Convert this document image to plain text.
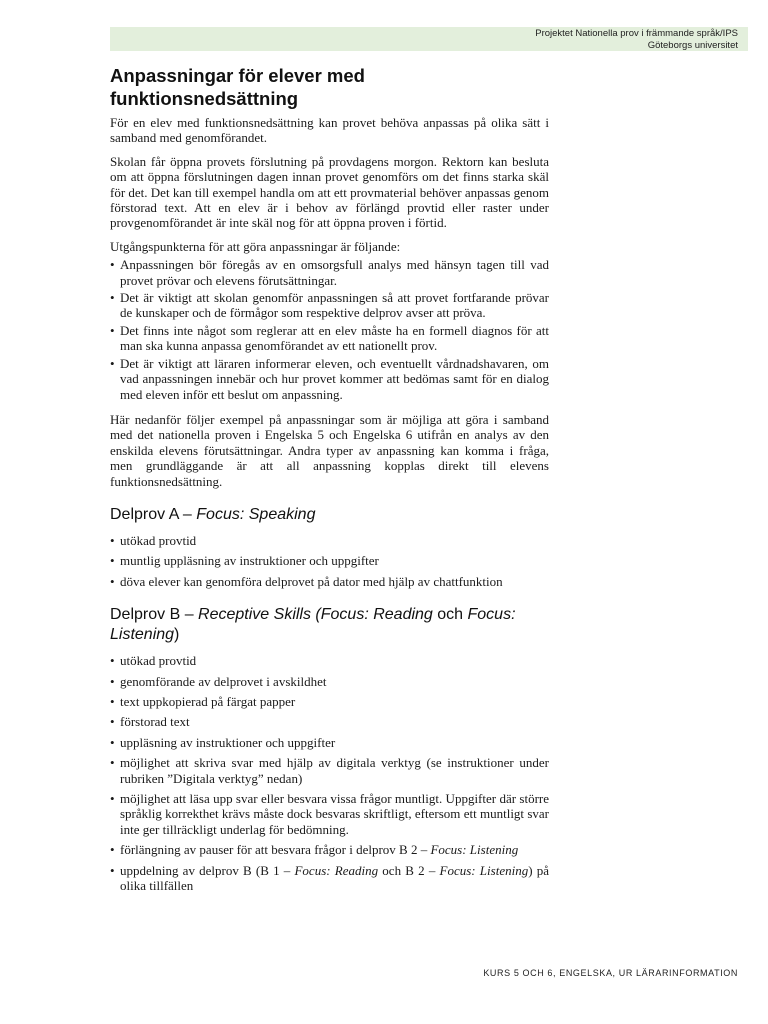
Projektet Nationella prov i främmande språk/IPS
Göteborgs universitet
Anpassningar för elever med funktionsnedsättning

För en elev med funktionsnedsättning kan provet behöva anpassas på olika sätt i samband med genomförandet.

Skolan får öppna provets förslutning på provdagens morgon. Rektorn kan besluta om att öppna förslutningen dagen innan provet genomförs om det finns starka skäl för det. Det kan till exempel handla om att ett provmaterial behöver anpassas genom förstorad text. Att en elev är i behov av förlängd provtid eller raster under provgenomförandet är inte skäl nog för att öppna proven i förtid.

Utgångspunkterna för att göra anpassningar är följande:

• Anpassningen bör föregås av en omsorgsfull analys med hänsyn tagen till vad provet prövar och elevens förutsättningar.
• Det är viktigt att skolan genomför anpassningen så att provet fortfarande prövar de kunskaper och de förmågor som respektive delprov avser att pröva.
• Det finns inte något som reglerar att en elev måste ha en formell diagnos för att man ska kunna anpassa genomförandet av ett nationellt prov.
• Det är viktigt att läraren informerar eleven, och eventuellt vårdnadshavaren, om vad anpassningen innebär och hur provet kommer att bedömas samt för en dialog med eleven inför ett beslut om anpassning.

Här nedanför följer exempel på anpassningar som är möjliga att göra i samband med det nationella proven i Engelska 5 och Engelska 6 utifrån en analys av den enskilda elevens förutsättningar. Andra typer av anpassning kan komma i fråga, men grundläggande är att all anpassning kopplas direkt till elevens funktionsnedsättning.

Delprov A – Focus: Speaking
• utökad provtid
• muntlig uppläsning av instruktioner och uppgifter
• döva elever kan genomföra delprovet på dator med hjälp av chattfunktion
Delprov B – Receptive Skills (Focus: Reading och Focus: Listening)
• utökad provtid
• genomförande av delprovet i avskildhet
• text uppkopierad på färgat papper
• förstorad text
• uppläsning av instruktioner och uppgifter
• möjlighet att skriva svar med hjälp av digitala verktyg (se instruktioner under rubriken ”Digitala verktyg” nedan)
• möjlighet att läsa upp svar eller besvara vissa frågor muntligt. Uppgifter där större språklig korrekthet krävs måste dock besvaras skriftligt, eftersom ett muntligt svar inte ger tillräckligt underlag för bedömning.
• förlängning av pauser för att besvara frågor i delprov B 2 – Focus: Listening
• uppdelning av delprov B (B 1 – Focus: Reading och B 2 – Focus: Listening) på olika tillfällen
KURS 5 OCH 6, ENGELSKA, UR LÄRARINFORMATION
